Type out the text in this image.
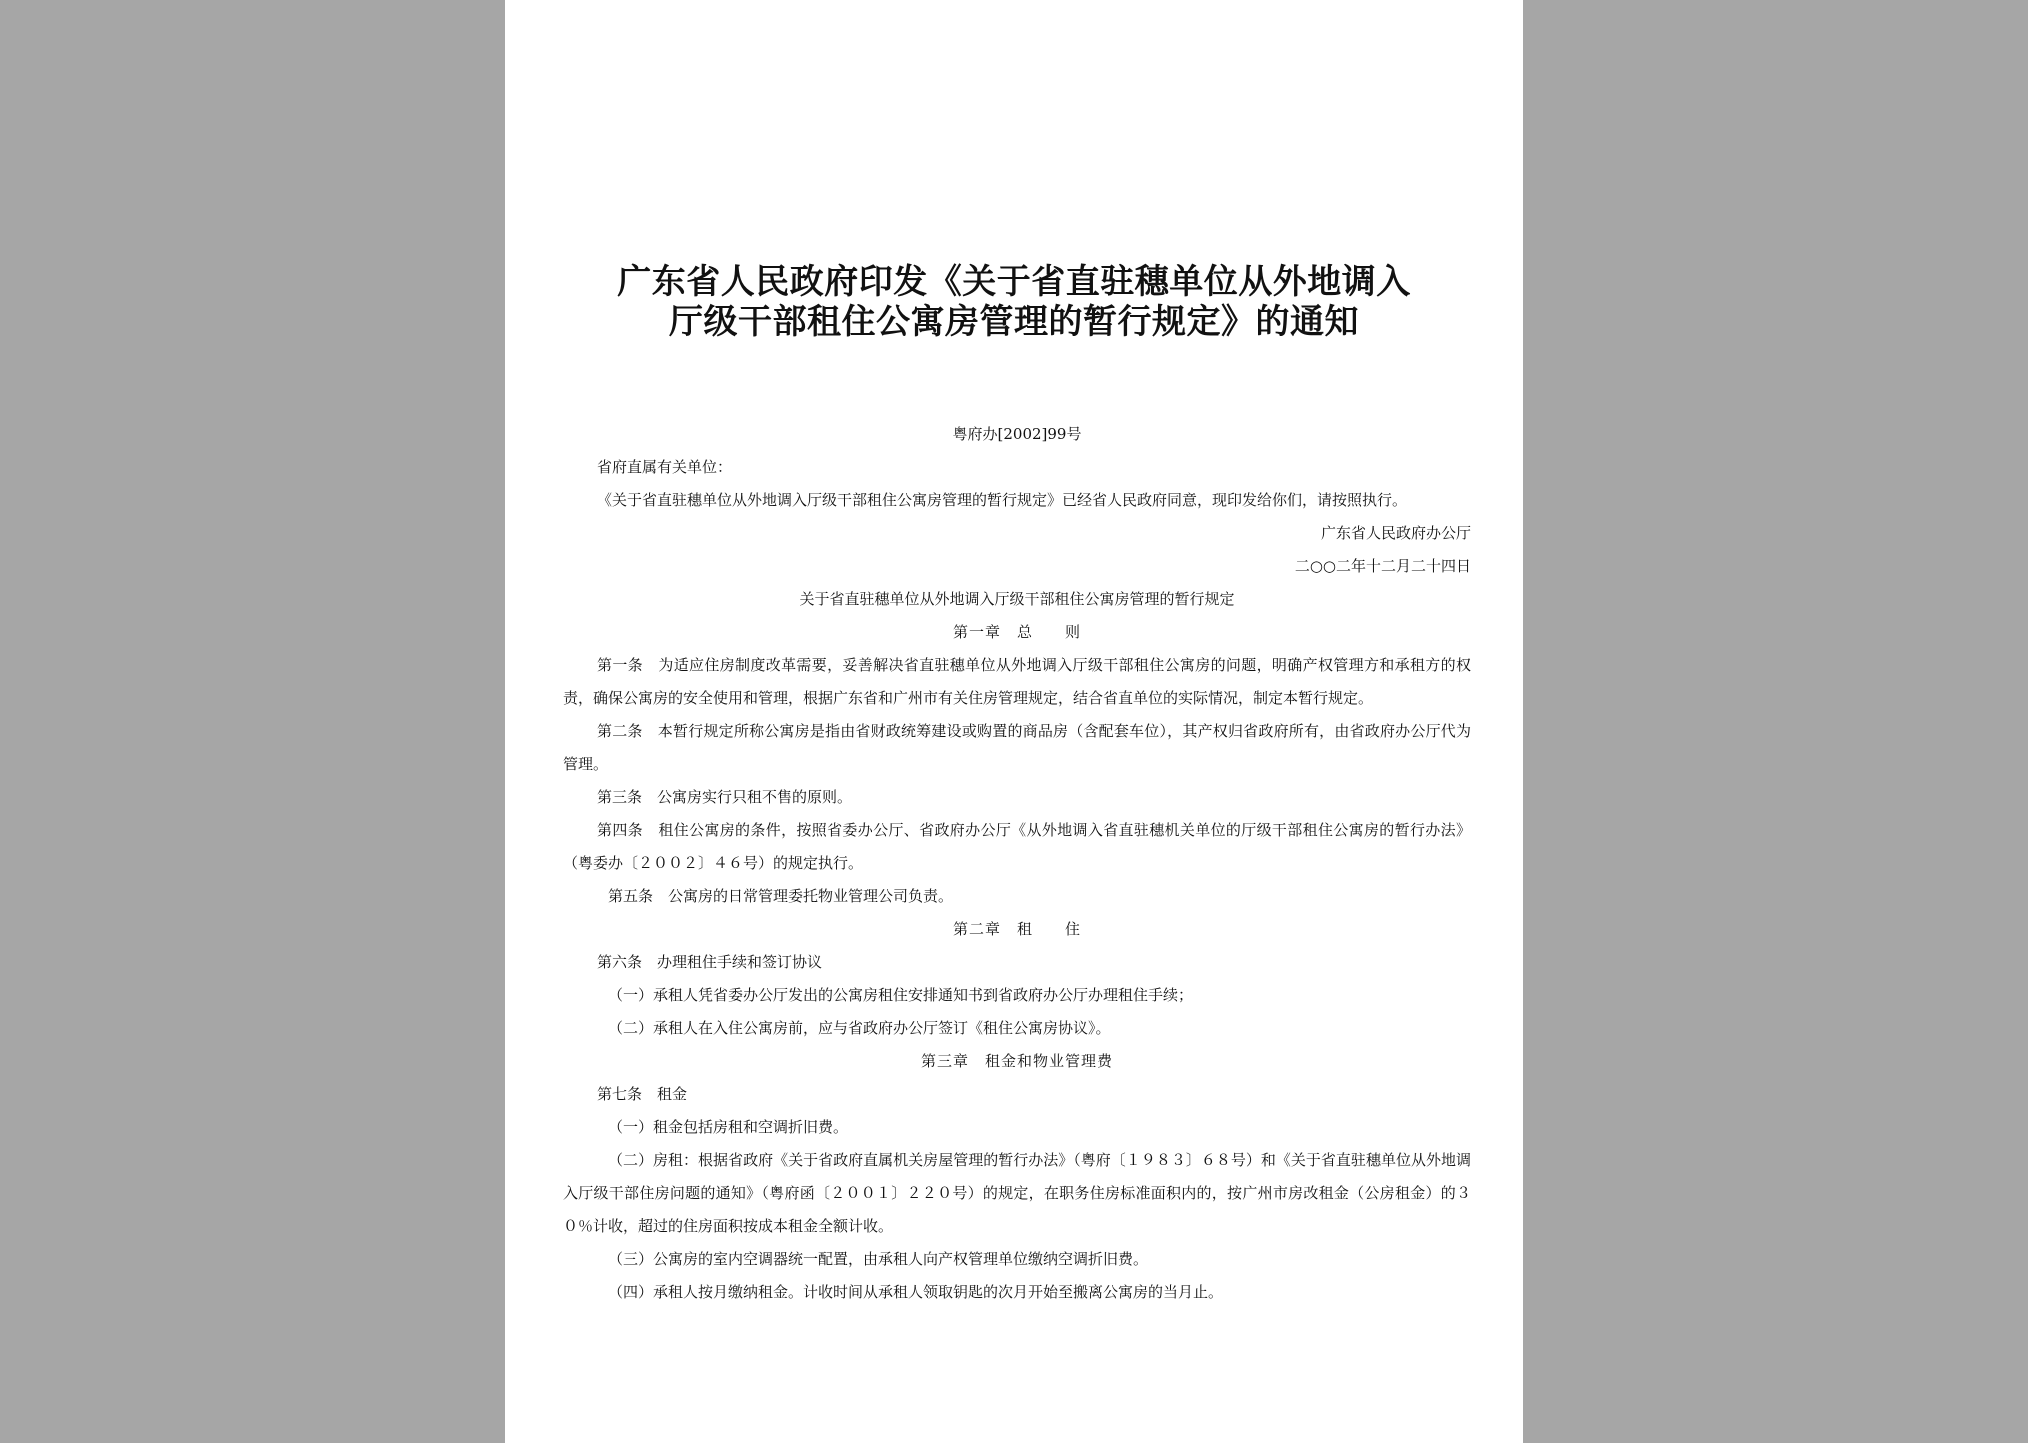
广东省人民政府印发《关于省直驻穗单位从外地调入
厅级干部租住公寓房管理的暂行规定》的通知
粤府办[2002]99号
省府直属有关单位：
《关于省直驻穗单位从外地调入厅级干部租住公寓房管理的暂行规定》已经省人民政府同意，现印发给你们，请按照执行。
广东省人民政府办公厅
二○○二年十二月二十四日
关于省直驻穗单位从外地调入厅级干部租住公寓房管理的暂行规定
第一章　总　　则
第一条　为适应住房制度改革需要，妥善解决省直驻穗单位从外地调入厅级干部租住公寓房的问题，明确产权管理方和承租方的权责，确保公寓房的安全使用和管理，根据广东省和广州市有关住房管理规定，结合省直单位的实际情况，制定本暂行规定。
第二条　本暂行规定所称公寓房是指由省财政统筹建设或购置的商品房（含配套车位），其产权归省政府所有，由省政府办公厅代为管理。
第三条　公寓房实行只租不售的原则。
第四条　租住公寓房的条件，按照省委办公厅、省政府办公厅《从外地调入省直驻穗机关单位的厅级干部租住公寓房的暂行办法》（粤委办〔２００２〕４６号）的规定执行。
第五条　公寓房的日常管理委托物业管理公司负责。
第二章　租　　住
第六条　办理租住手续和签订协议
（一）承租人凭省委办公厅发出的公寓房租住安排通知书到省政府办公厅办理租住手续；
（二）承租人在入住公寓房前，应与省政府办公厅签订《租住公寓房协议》。
第三章　租金和物业管理费
第七条　租金
（一）租金包括房租和空调折旧费。
（二）房租：根据省政府《关于省政府直属机关房屋管理的暂行办法》（粤府〔１９８３〕６８号）和《关于省直驻穗单位从外地调入厅级干部住房问题的通知》（粤府函〔２００１〕２２０号）的规定，在职务住房标准面积内的，按广州市房改租金（公房租金）的３０％计收，超过的住房面积按成本租金全额计收。
（三）公寓房的室内空调器统一配置，由承租人向产权管理单位缴纳空调折旧费。
（四）承租人按月缴纳租金。计收时间从承租人领取钥匙的次月开始至搬离公寓房的当月止。
